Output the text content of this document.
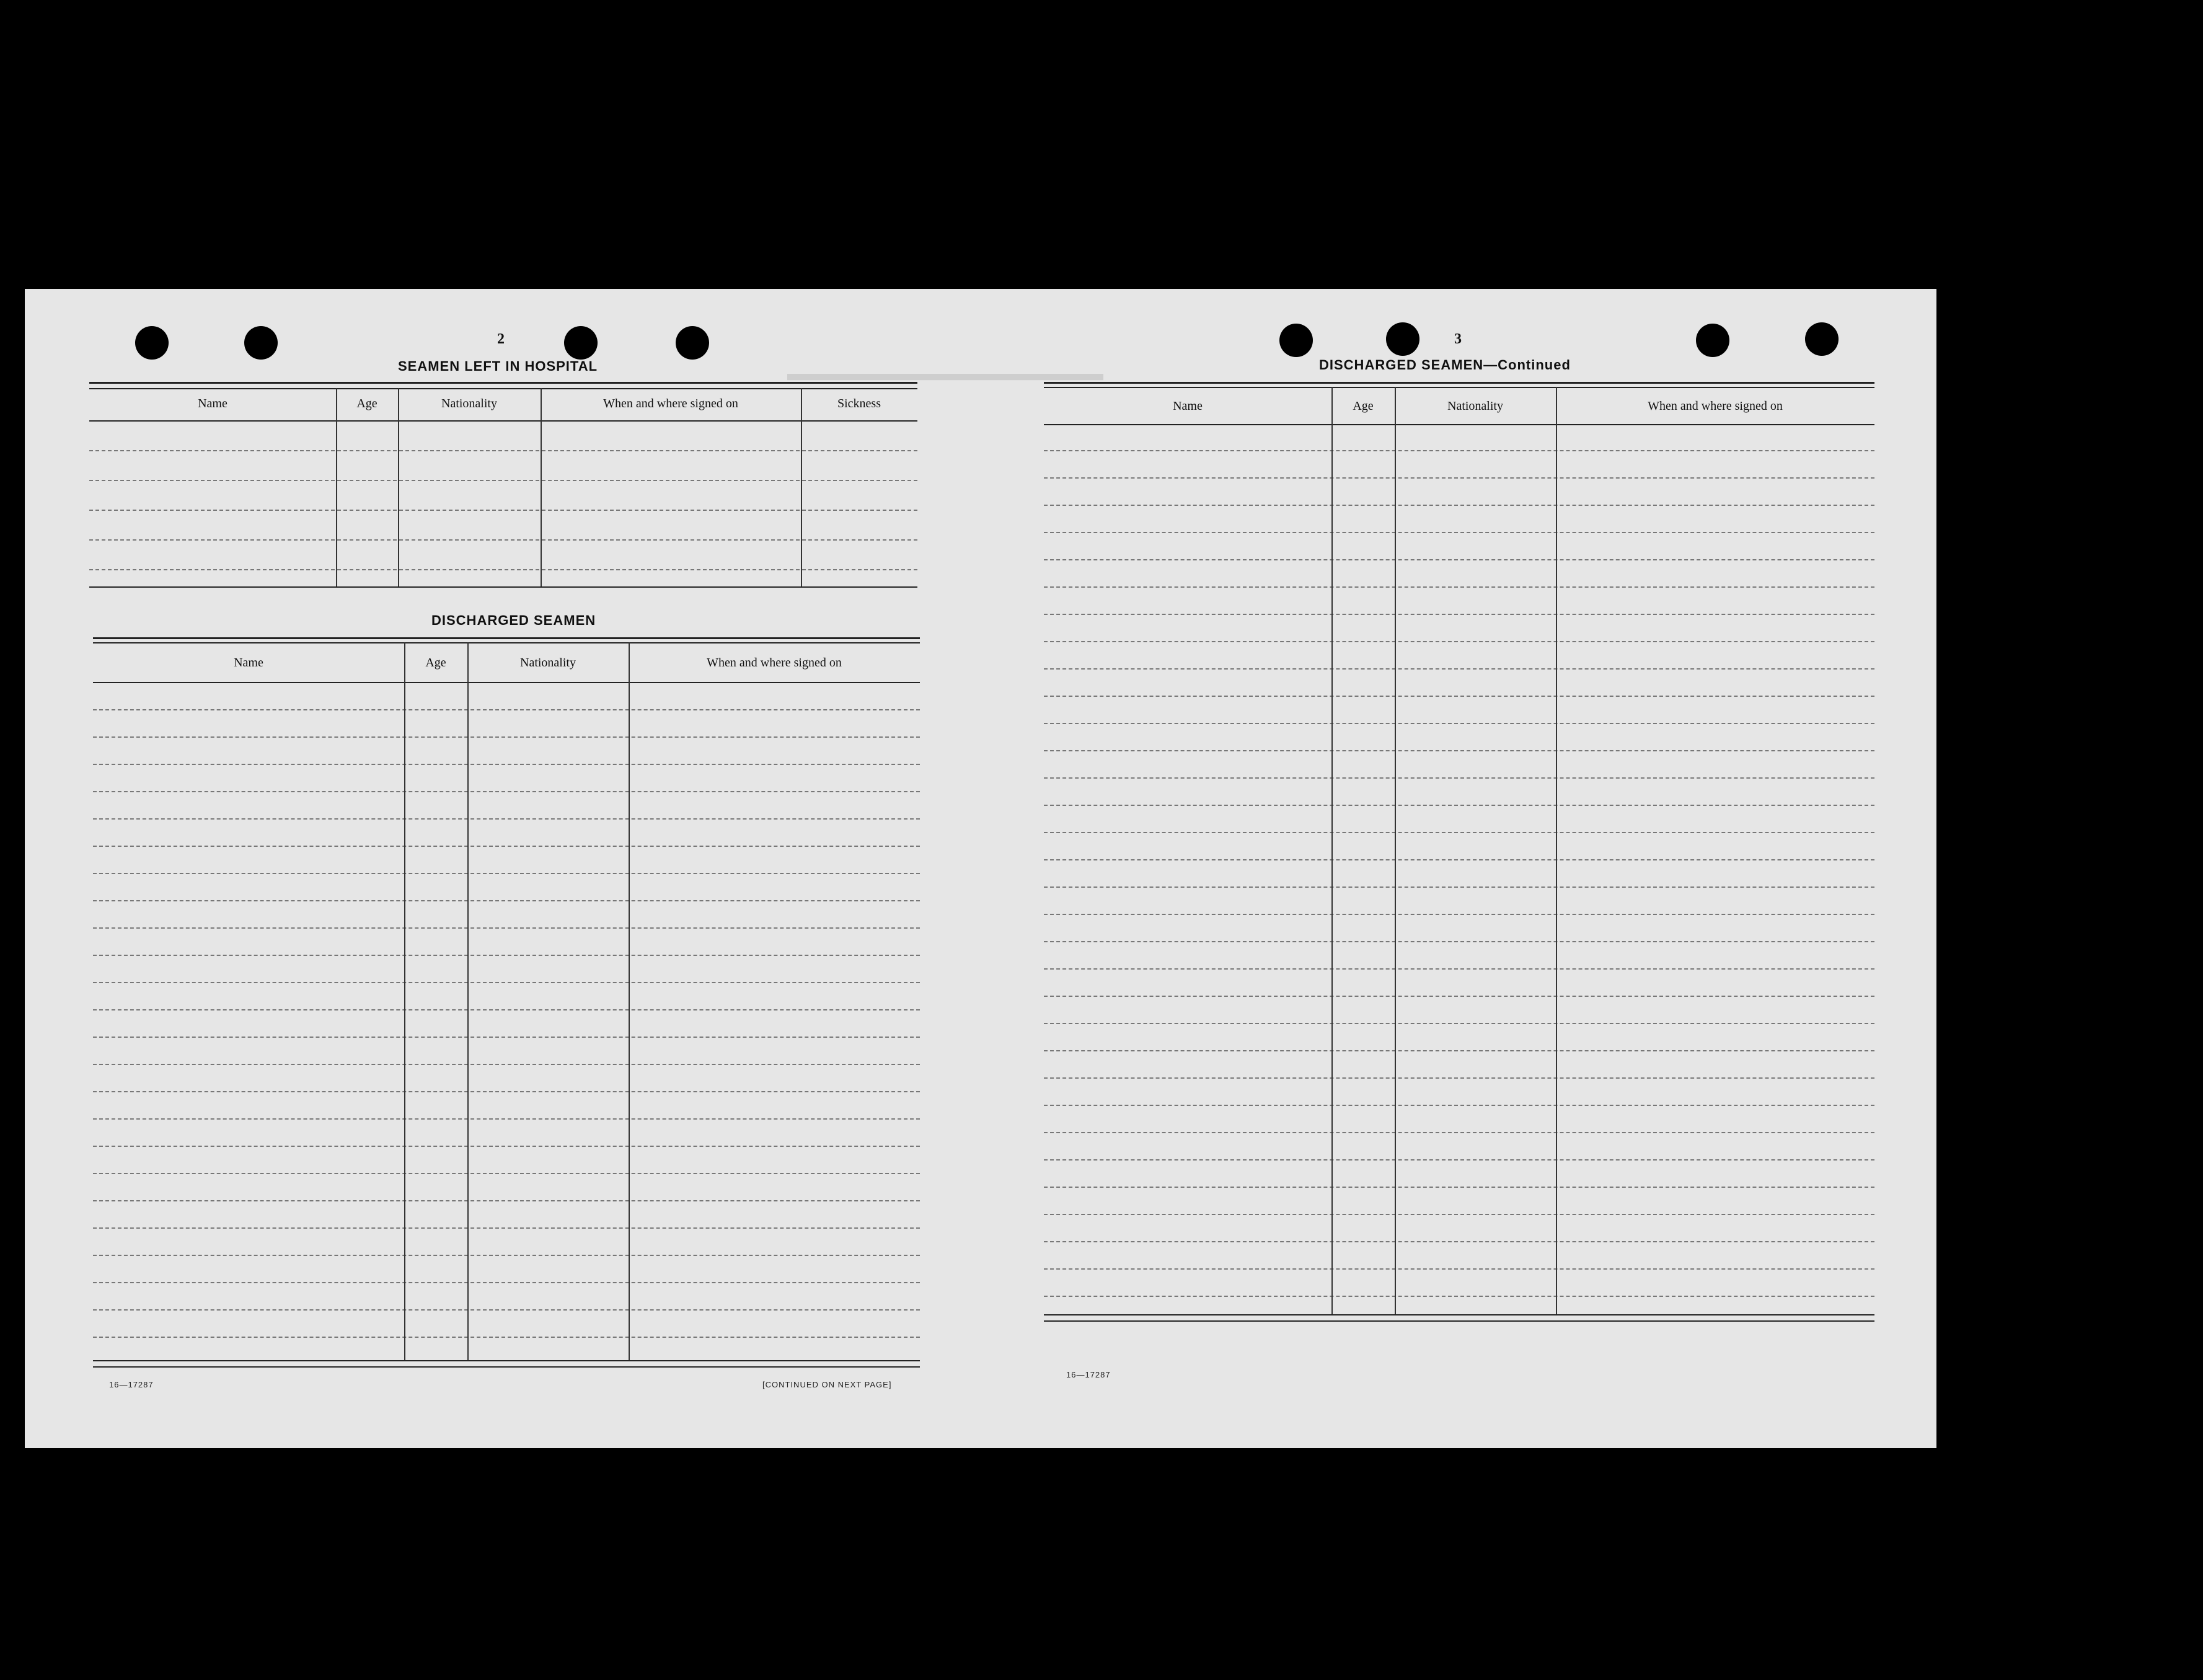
▬▬▬▬▬▬▬▬▬▬▬▬▬▬▬
2
SEAMEN LEFT IN HOSPITAL
Name	Age	Nationality	When and where signed on	Sickness
DISCHARGED SEAMEN
Name	Age	Nationality	When and where signed on
16—17287	[CONTINUED ON NEXT PAGE]
3
DISCHARGED SEAMEN—Continued
Name	Age	Nationality	When and where signed on
16—17287
